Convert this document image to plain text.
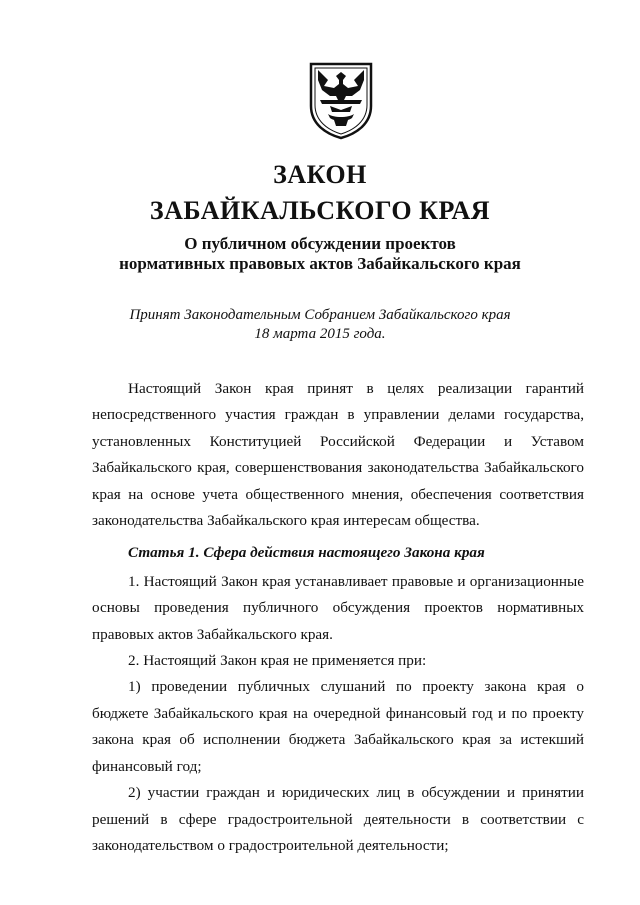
ЗАКОН
ЗАБАЙКАЛЬСКОГО КРАЯ
О публичном обсуждении проектов
нормативных правовых актов Забайкальского края
Принят Законодательным Собранием Забайкальского края
18 марта 2015 года.

Настоящий Закон края принят в целях реализации гарантий непосредственного участия граждан в управлении делами государства, установленных Конституцией Российской Федерации и Уставом Забайкальского края, совершенствования законодательства Забайкальского края на основе учета общественного мнения, обеспечения соответствия законодательства Забайкальского края интересам общества.

Статья 1. Сфера действия настоящего Закона края

1. Настоящий Закон края устанавливает правовые и организационные основы проведения публичного обсуждения проектов нормативных правовых актов Забайкальского края.

2. Настоящий Закон края не применяется при:

1) проведении публичных слушаний по проекту закона края о бюджете Забайкальского края на очередной финансовый год и по проекту закона края об исполнении бюджета Забайкальского края за истекший финансовый год;

2) участии граждан и юридических лиц в обсуждении и принятии решений в сфере градостроительной деятельности в соответствии с законодательством о градостроительной деятельности;
